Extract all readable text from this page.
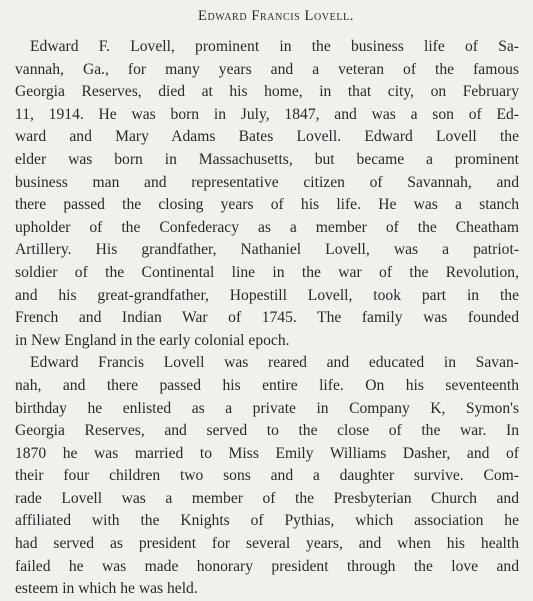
Edward Francis Lovell.
Edward F. Lovell, prominent in the business life of Sa-
vannah, Ga., for many years and a veteran of the famous
Georgia Reserves, died at his home, in that city, on February
11, 1914. He was born in July, 1847, and was a son of Ed-
ward and Mary Adams Bates Lovell. Edward Lovell the
elder was born in Massachusetts, but became a prominent
business man and representative citizen of Savannah, and
there passed the closing years of his life. He was a stanch
upholder of the Confederacy as a member of the Cheatham
Artillery. His grandfather, Nathaniel Lovell, was a patriot-
soldier of the Continental line in the war of the Revolution,
and his great-grandfather, Hopestill Lovell, took part in the
French and Indian War of 1745. The family was founded
in New England in the early colonial epoch.
Edward Francis Lovell was reared and educated in Savan-
nah, and there passed his entire life. On his seventeenth
birthday he enlisted as a private in Company K, Symon's
Georgia Reserves, and served to the close of the war. In
1870 he was married to Miss Emily Williams Dasher, and of
their four children two sons and a daughter survive. Com-
rade Lovell was a member of the Presbyterian Church and
affiliated with the Knights of Pythias, which association he
had served as president for several years, and when his health
failed he was made honorary president through the love and
esteem in which he was held.
